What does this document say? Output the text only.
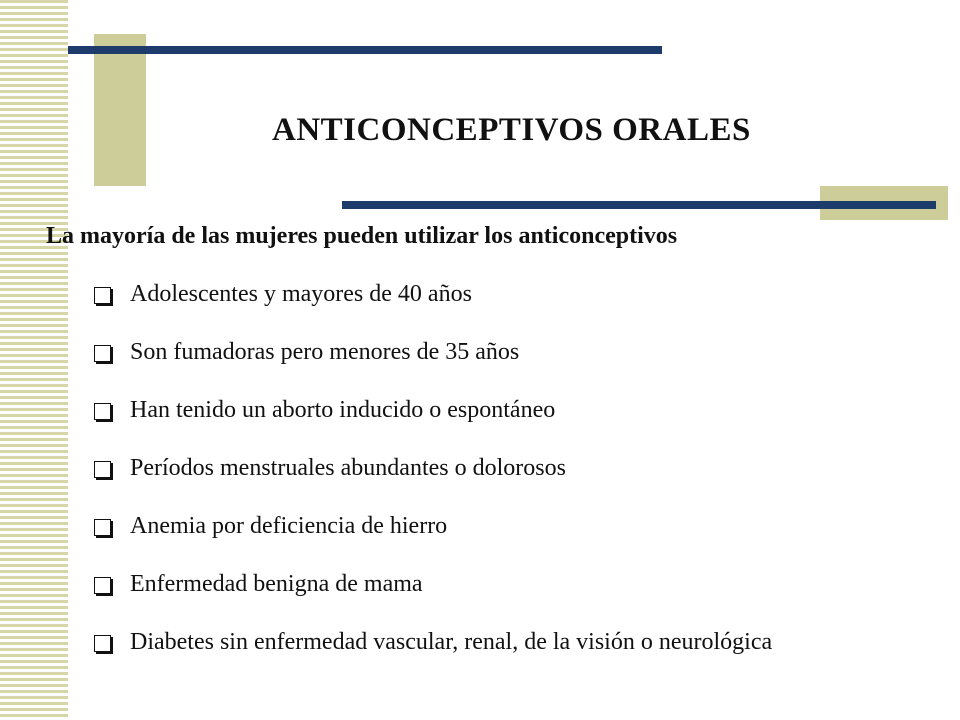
ANTICONCEPTIVOS ORALES
La mayoría de las mujeres pueden utilizar los anticonceptivos
Adolescentes y mayores de 40 años
Son fumadoras pero menores de 35 años
Han tenido un aborto inducido o espontáneo
Períodos menstruales abundantes o dolorosos
Anemia por deficiencia de hierro
Enfermedad benigna de mama
Diabetes sin enfermedad vascular, renal, de la visión o neurológica
